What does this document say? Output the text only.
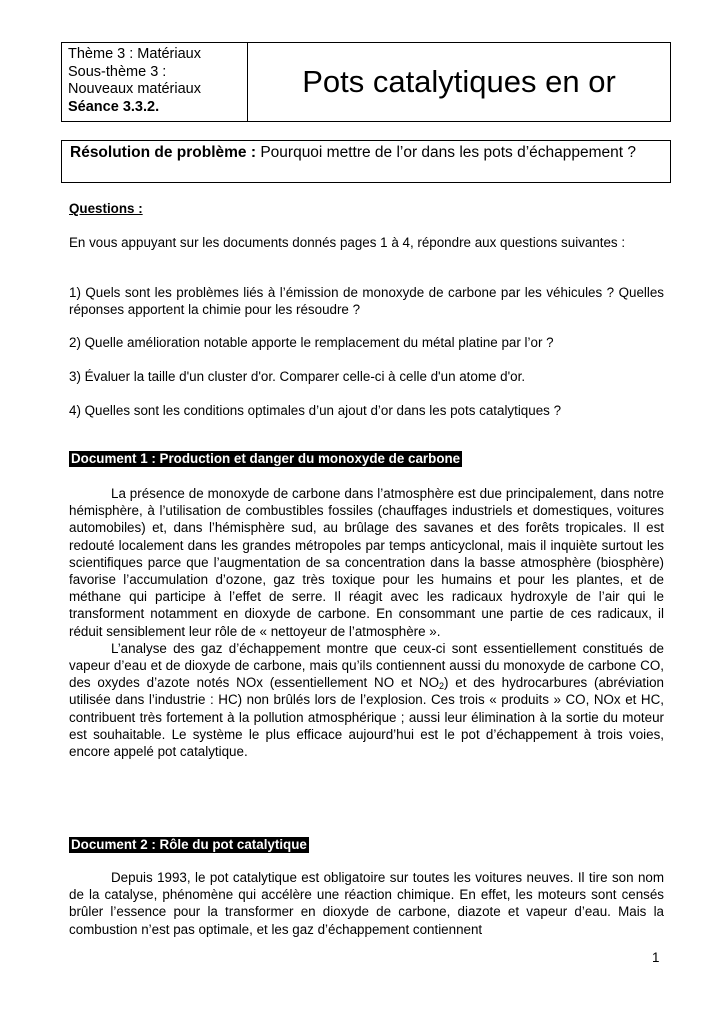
Thème 3 : Matériaux
Sous-thème 3 :
Nouveaux matériaux
Séance 3.3.2.
Pots catalytiques en or
Résolution de problème : Pourquoi mettre de l’or dans les pots d’échappement ?
Questions :
En vous appuyant sur les documents donnés pages 1 à 4, répondre aux questions suivantes :
1) Quels sont les problèmes liés à l’émission de monoxyde de carbone par les véhicules ? Quelles réponses apportent la chimie pour les résoudre ?
2) Quelle amélioration notable apporte le remplacement du métal platine par l’or ?
3) Évaluer la taille d'un cluster d'or. Comparer celle-ci à celle d'un atome d'or.
4) Quelles sont les conditions optimales d’un ajout d’or dans les pots catalytiques ?
Document 1 : Production et danger du monoxyde de carbone

La présence de monoxyde de carbone dans l’atmosphère est due principalement, dans notre hémisphère, à l’utilisation de combustibles fossiles (chauffages industriels et domestiques, voitures automobiles) et, dans l’hémisphère sud, au brûlage des savanes et des forêts tropicales. Il est redouté localement dans les grandes métropoles par temps anticyclonal, mais il inquiète surtout les scientifiques parce que l’augmentation de sa concentration dans la basse atmosphère (biosphère) favorise l’accumulation d’ozone, gaz très toxique pour les humains et pour les plantes, et de méthane qui participe à l’effet de serre. Il réagit avec les radicaux hydroxyle de l’air qui le transforment notamment en dioxyde de carbone. En consommant une partie de ces radicaux, il réduit sensiblement leur rôle de « nettoyeur de l’atmosphère ».

L’analyse des gaz d’échappement montre que ceux-ci sont essentiellement constitués de vapeur d’eau et de dioxyde de carbone, mais qu’ils contiennent aussi du monoxyde de carbone CO, des oxydes d’azote notés NOx (essentiellement NO et $NO_2$) et des hydrocarbures (abréviation utilisée dans l’industrie : HC) non brûlés lors de l’explosion. Ces trois « produits » CO, NOx et HC, contribuent très fortement à la pollution atmosphérique ; aussi leur élimination à la sortie du moteur est souhaitable. Le système le plus efficace aujourd’hui est le pot d’échappement à trois voies, encore appelé pot catalytique.

Document 2 : Rôle du pot catalytique

Depuis 1993, le pot catalytique est obligatoire sur toutes les voitures neuves. Il tire son nom de la catalyse, phénomène qui accélère une réaction chimique. En effet, les moteurs sont censés brûler l’essence pour la transformer en dioxyde de carbone, diazote et vapeur d’eau. Mais la combustion n’est pas optimale, et les gaz d’échappement contiennent

1
